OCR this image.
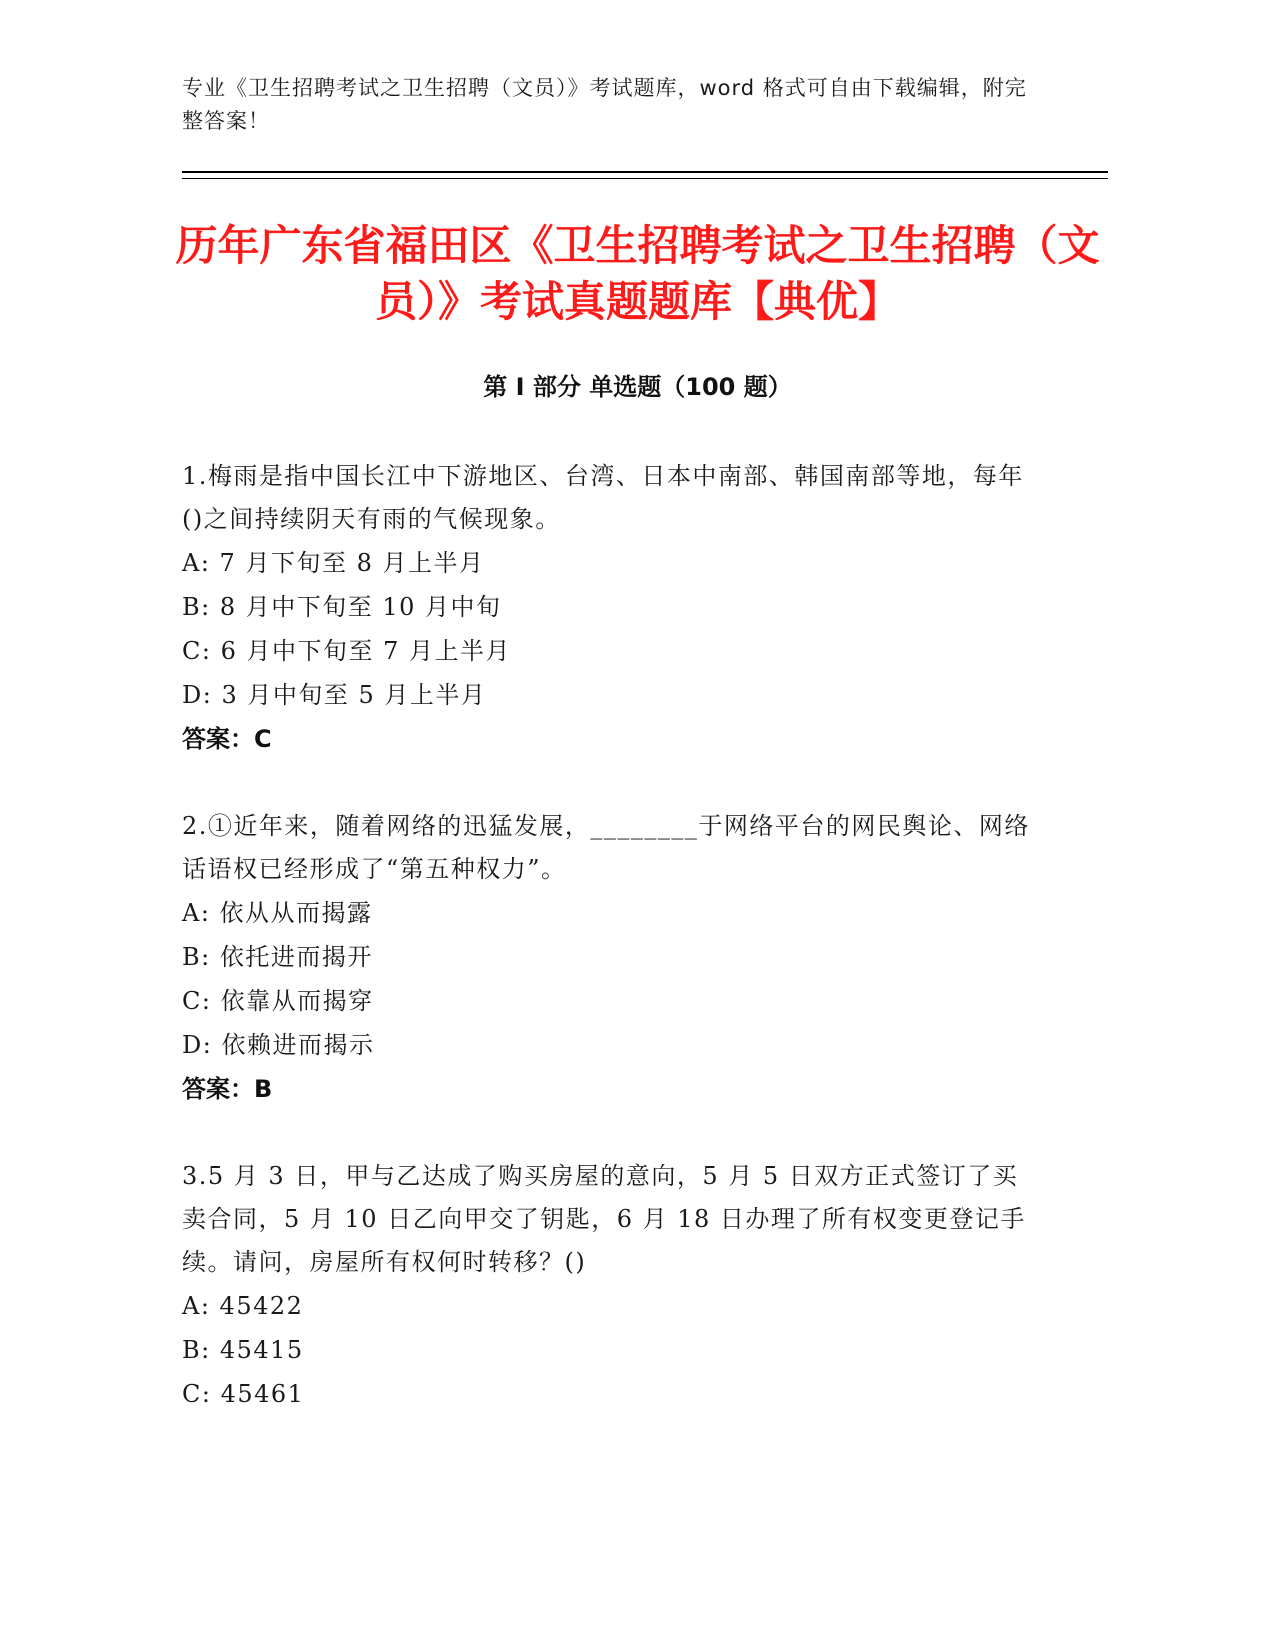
专业《卫生招聘考试之卫生招聘（文员）》考试题库，word 格式可自由下载编辑，附完整答案！
历年广东省福田区《卫生招聘考试之卫生招聘（文员）》考试真题题库【典优】
第 I 部分 单选题（100 题）
1.梅雨是指中国长江中下游地区、台湾、日本中南部、韩国南部等地，每年()之间持续阴天有雨的气候现象。
A: 7 月下旬至 8 月上半月
B: 8 月中下旬至 10 月中旬
C: 6 月中下旬至 7 月上半月
D: 3 月中旬至 5 月上半月
答案：C
2.①近年来，随着网络的迅猛发展，________于网络平台的网民舆论、网络话语权已经形成了“第五种权力”。
A: 依从从而揭露
B: 依托进而揭开
C: 依靠从而揭穿
D: 依赖进而揭示
答案：B
3.5 月 3 日，甲与乙达成了购买房屋的意向，5 月 5 日双方正式签订了买卖合同，5 月 10 日乙向甲交了钥匙，6 月 18 日办理了所有权变更登记手续。请问，房屋所有权何时转移？()
A: 45422
B: 45415
C: 45461
